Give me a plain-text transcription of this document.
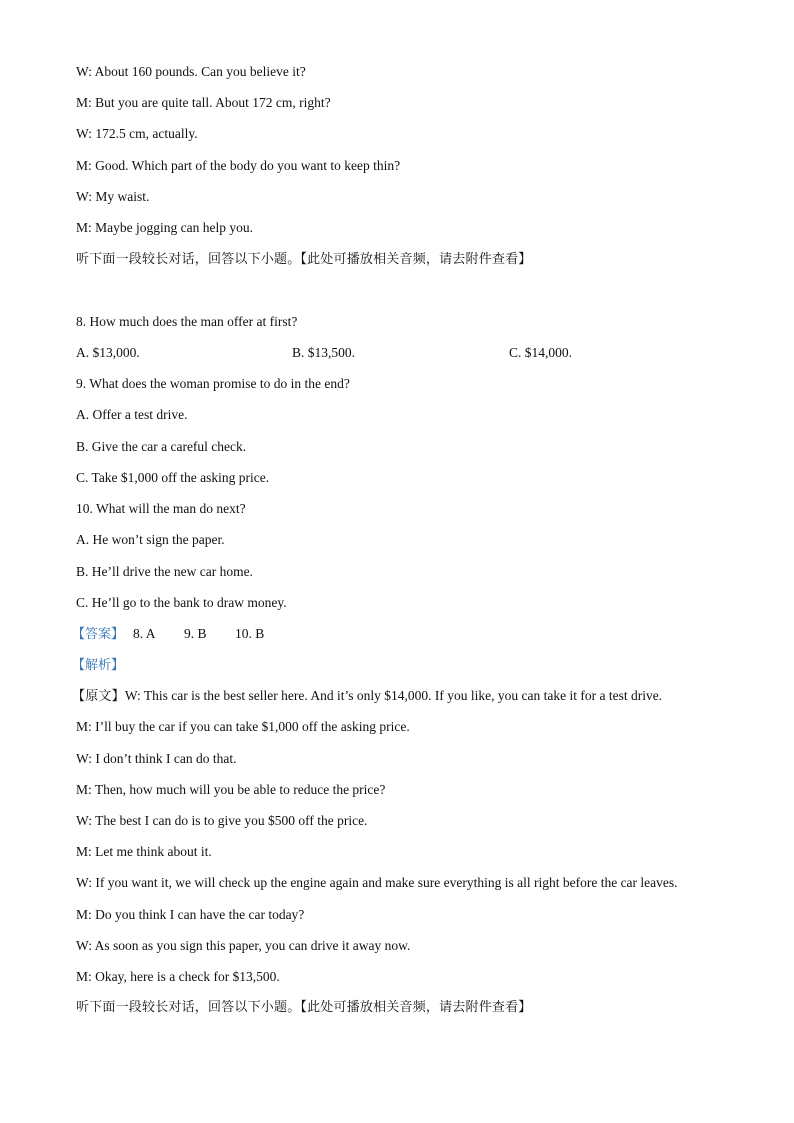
W: About 160 pounds. Can you believe it?
M: But you are quite tall. About 172 cm, right?
W: 172.5 cm, actually.
M: Good. Which part of the body do you want to keep thin?
W: My waist.
M: Maybe jogging can help you.
听下面一段较长对话，回答以下小题。【此处可播放相关音频，请去附件查看】
8. How much does the man offer at first?
A. $13,000.	B. $13,500.	C. $14,000.
9. What does the woman promise to do in the end?
A. Offer a test drive.
B. Give the car a careful check.
C. Take $1,000 off the asking price.
10. What will the man do next?
A. He won’t sign the paper.
B. He’ll drive the new car home.
C. He’ll go to the bank to draw money.
【答案】 8. A 9. B 10. B
【解析】
【原文】W: This car is the best seller here. And it’s only $14,000. If you like, you can take it for a test drive.
M: I’ll buy the car if you can take $1,000 off the asking price.
W: I don’t think I can do that.
M: Then, how much will you be able to reduce the price?
W: The best I can do is to give you $500 off the price.
M: Let me think about it.
W: If you want it, we will check up the engine again and make sure everything is all right before the car leaves.
M: Do you think I can have the car today?
W: As soon as you sign this paper, you can drive it away now.
M: Okay, here is a check for $13,500.
听下面一段较长对话，回答以下小题。【此处可播放相关音频，请去附件查看】
